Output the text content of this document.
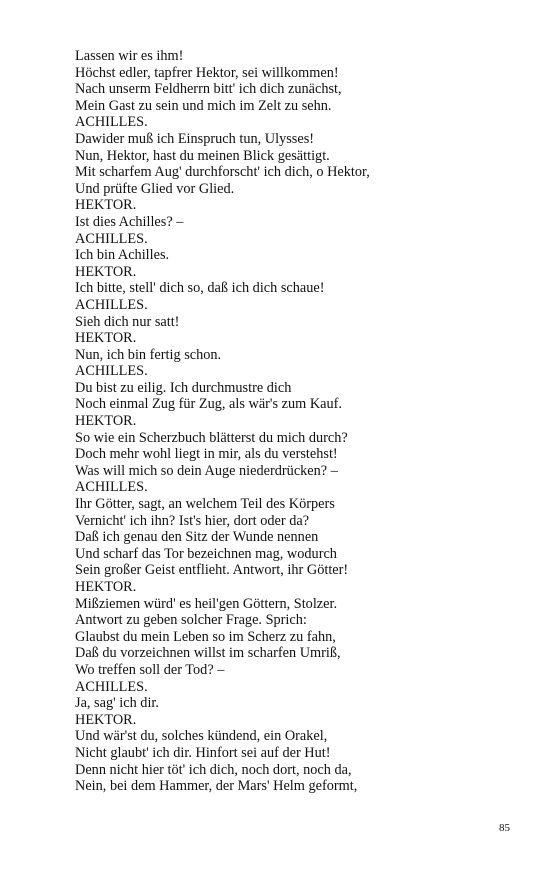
Lassen wir es ihm!
Höchst edler, tapfrer Hektor, sei willkommen!
Nach unserm Feldherrn bitt' ich dich zunächst,
Mein Gast zu sein und mich im Zelt zu sehn.
ACHILLES.
Dawider muß ich Einspruch tun, Ulysses!
Nun, Hektor, hast du meinen Blick gesättigt.
Mit scharfem Aug' durchforscht' ich dich, o Hektor,
Und prüfte Glied vor Glied.
HEKTOR.
Ist dies Achilles? –
ACHILLES.
Ich bin Achilles.
HEKTOR.
Ich bitte, stell' dich so, daß ich dich schaue!
ACHILLES.
Sieh dich nur satt!
HEKTOR.
Nun, ich bin fertig schon.
ACHILLES.
Du bist zu eilig. Ich durchmustre dich
Noch einmal Zug für Zug, als wär's zum Kauf.
HEKTOR.
So wie ein Scherzbuch blätterst du mich durch?
Doch mehr wohl liegt in mir, als du verstehst!
Was will mich so dein Auge niederdrücken? –
ACHILLES.
Ihr Götter, sagt, an welchem Teil des Körpers
Vernicht' ich ihn? Ist's hier, dort oder da?
Daß ich genau den Sitz der Wunde nennen
Und scharf das Tor bezeichnen mag, wodurch
Sein großer Geist entflieht. Antwort, ihr Götter!
HEKTOR.
Mißziemen würd' es heil'gen Göttern, Stolzer.
Antwort zu geben solcher Frage. Sprich:
Glaubst du mein Leben so im Scherz zu fahn,
Daß du vorzeichnen willst im scharfen Umriß,
Wo treffen soll der Tod? –
ACHILLES.
Ja, sag' ich dir.
HEKTOR.
Und wär'st du, solches kündend, ein Orakel,
Nicht glaubt' ich dir. Hinfort sei auf der Hut!
Denn nicht hier töt' ich dich, noch dort, noch da,
Nein, bei dem Hammer, der Mars' Helm geformt,
85
